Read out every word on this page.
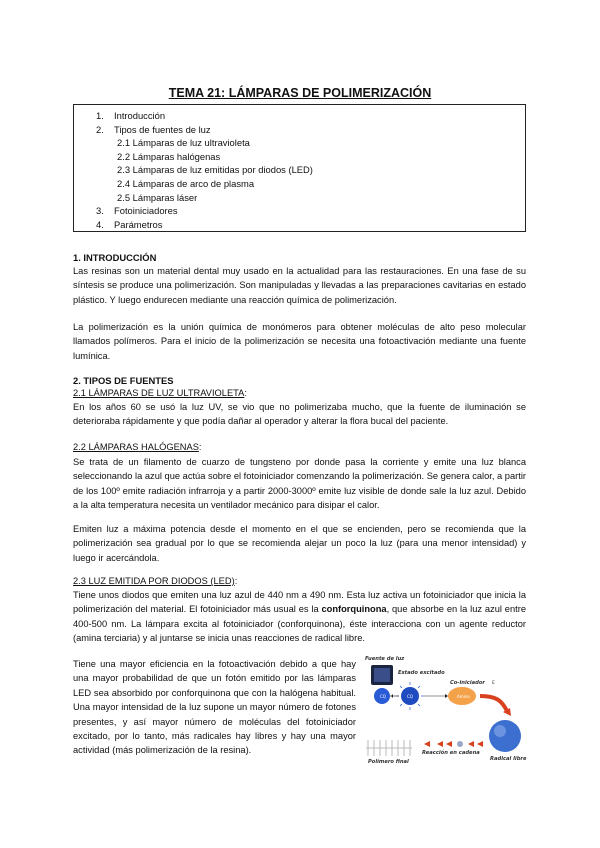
TEMA 21: LÁMPARAS DE POLIMERIZACIÓN
1. Introducción
2. Tipos de fuentes de luz
2.1 Lámparas de luz ultravioleta
2.2 Lámparas halógenas
2.3 Lámparas de luz emitidas por diodos (LED)
2.4 Lámparas de arco de plasma
2.5 Lámparas láser
3. Fotoiniciadores
4. Parámetros
1. INTRODUCCIÓN

Las resinas son un material dental muy usado en la actualidad para las restauraciones. En una fase de su síntesis se produce una polimerización. Son manipuladas y llevadas a las preparaciones cavitarias en estado plástico. Y luego endurecen mediante una reacción química de polimerización.

La polimerización es la unión química de monómeros para obtener moléculas de alto peso molecular llamados polímeros. Para el inicio de la polimerización se necesita una fotoactivación mediante una fuente lumínica.

2. TIPOS DE FUENTES
2.1 LÁMPARAS DE LUZ ULTRAVIOLETA:

En los años 60 se usó la luz UV, se vio que no polimerizaba mucho, que la fuente de iluminación se deterioraba rápidamente y que podía dañar al operador y alterar la flora bucal del paciente.

2.2 LÁMPARAS HALÓGENAS:

Se trata de un filamento de cuarzo de tungsteno por donde pasa la corriente y emite una luz blanca seleccionando la azul que actúa sobre el fotoiniciador comenzando la polimerización. Se genera calor, a partir de los 100º emite radiación infrarroja y a partir 2000-3000º emite luz visible de donde sale la luz azul. Debido a la alta temperatura necesita un ventilador mecánico para disipar el calor.

Emiten luz a máxima potencia desde el momento en el que se encienden, pero se recomienda que la polimerización sea gradual por lo que se recomienda alejar un poco la luz (para una menor intensidad) y luego ir acercándola.

2.3 LUZ EMITIDA POR DIODOS (LED):

Tiene unos diodos que emiten una luz azul de 440 nm a 490 nm. Esta luz activa un fotoiniciador que inicia la polimerización del material. El fotoiniciador más usual es la conforquinona, que absorbe en la luz azul entre 400-500 nm. La lámpara excita al fotoiniciador (conforquinona), éste interacciona con un agente reductor (amina terciaria) y al juntarse se inicia unas reacciones de radical libre.

Tiene una mayor eficiencia en la fotoactivación debido a que hay una mayor probabilidad de que un fotón emitido por las lámparas LED sea absorbido por conforquinona que con la halógena habitual. Una mayor intensidad de la luz supone un mayor número de fotones presentes, y así mayor número de moléculas del fotoiniciador excitado, por lo tanto, más radicales hay libres y hay una mayor actividad (más polimerización de la resina).

CQ	CQ
E
Amina
Fuente de luz
Estado excitado
Co-iniciador
Reacción en cadena
Polímero final	Radical libre
